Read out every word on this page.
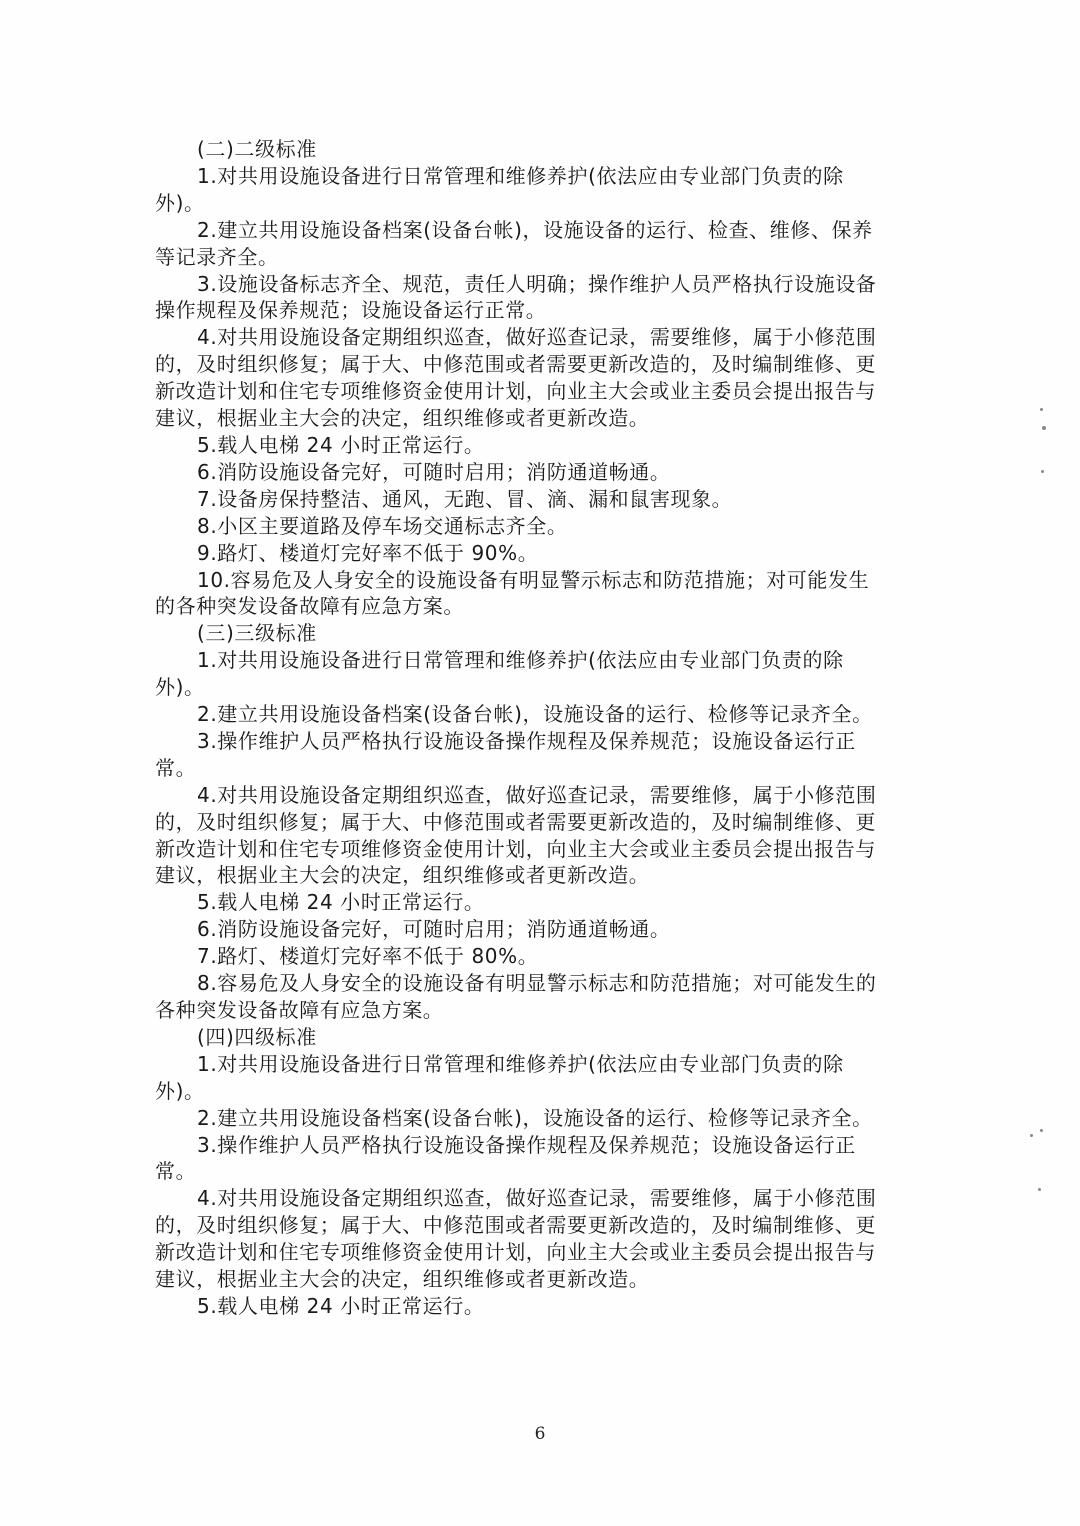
(二)二级标准
1.对共用设施设备进行日常管理和维修养护(依法应由专业部门负责的除
外)。
2.建立共用设施设备档案(设备台帐)，设施设备的运行、检查、维修、保养
等记录齐全。
3.设施设备标志齐全、规范，责任人明确；操作维护人员严格执行设施设备
操作规程及保养规范；设施设备运行正常。
4.对共用设施设备定期组织巡查，做好巡查记录，需要维修，属于小修范围
的，及时组织修复；属于大、中修范围或者需要更新改造的，及时编制维修、更
新改造计划和住宅专项维修资金使用计划，向业主大会或业主委员会提出报告与
建议，根据业主大会的决定，组织维修或者更新改造。
5.载人电梯 24 小时正常运行。
6.消防设施设备完好，可随时启用；消防通道畅通。
7.设备房保持整洁、通风，无跑、冒、滴、漏和鼠害现象。
8.小区主要道路及停车场交通标志齐全。
9.路灯、楼道灯完好率不低于 90%。
10.容易危及人身安全的设施设备有明显警示标志和防范措施；对可能发生
的各种突发设备故障有应急方案。
(三)三级标准
1.对共用设施设备进行日常管理和维修养护(依法应由专业部门负责的除
外)。
2.建立共用设施设备档案(设备台帐)，设施设备的运行、检修等记录齐全。
3.操作维护人员严格执行设施设备操作规程及保养规范；设施设备运行正
常。
4.对共用设施设备定期组织巡查，做好巡查记录，需要维修，属于小修范围
的，及时组织修复；属于大、中修范围或者需要更新改造的，及时编制维修、更
新改造计划和住宅专项维修资金使用计划，向业主大会或业主委员会提出报告与
建议，根据业主大会的决定，组织维修或者更新改造。
5.载人电梯 24 小时正常运行。
6.消防设施设备完好，可随时启用；消防通道畅通。
7.路灯、楼道灯完好率不低于 80%。
8.容易危及人身安全的设施设备有明显警示标志和防范措施；对可能发生的
各种突发设备故障有应急方案。
(四)四级标准
1.对共用设施设备进行日常管理和维修养护(依法应由专业部门负责的除
外)。
2.建立共用设施设备档案(设备台帐)，设施设备的运行、检修等记录齐全。
3.操作维护人员严格执行设施设备操作规程及保养规范；设施设备运行正
常。
4.对共用设施设备定期组织巡查，做好巡查记录，需要维修，属于小修范围
的，及时组织修复；属于大、中修范围或者需要更新改造的，及时编制维修、更
新改造计划和住宅专项维修资金使用计划，向业主大会或业主委员会提出报告与
建议，根据业主大会的决定，组织维修或者更新改造。
5.载人电梯 24 小时正常运行。
6
